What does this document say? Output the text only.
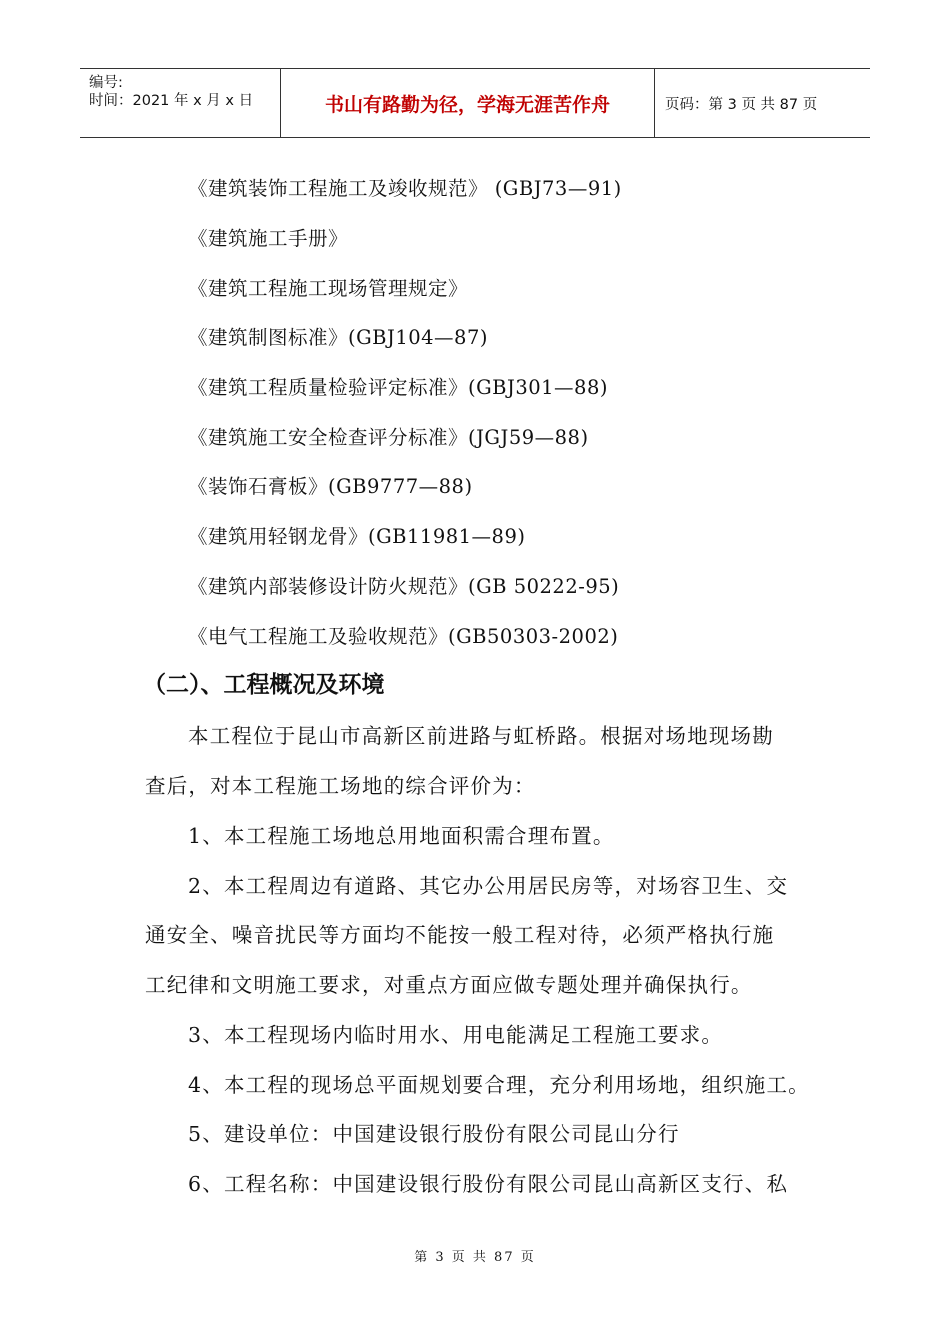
编号:
时间：2021 年 x 月 x 日	书山有路勤为径，学海无涯苦作舟	页码：第 3 页 共 87 页
《建筑装饰工程施工及竣收规范》 (GBJ73—91)
《建筑施工手册》
《建筑工程施工现场管理规定》
《建筑制图标准》(GBJ104—87)
《建筑工程质量检验评定标准》(GBJ301—88)
《建筑施工安全检查评分标准》(JGJ59—88)
《装饰石膏板》(GB9777—88)
《建筑用轻钢龙骨》(GB11981—89)
《建筑内部装修设计防火规范》(GB 50222-95)
《电气工程施工及验收规范》(GB50303-2002)
（二）、工程概况及环境
本工程位于昆山市高新区前进路与虹桥路。根据对场地现场勘
查后，对本工程施工场地的综合评价为：
1、本工程施工场地总用地面积需合理布置。
2、本工程周边有道路、其它办公用居民房等，对场容卫生、交
通安全、噪音扰民等方面均不能按一般工程对待，必须严格执行施
工纪律和文明施工要求，对重点方面应做专题处理并确保执行。
3、本工程现场内临时用水、用电能满足工程施工要求。
4、本工程的现场总平面规划要合理，充分利用场地，组织施工。
5、建设单位：中国建设银行股份有限公司昆山分行
6、工程名称：中国建设银行股份有限公司昆山高新区支行、私
第 3 页 共 87 页
